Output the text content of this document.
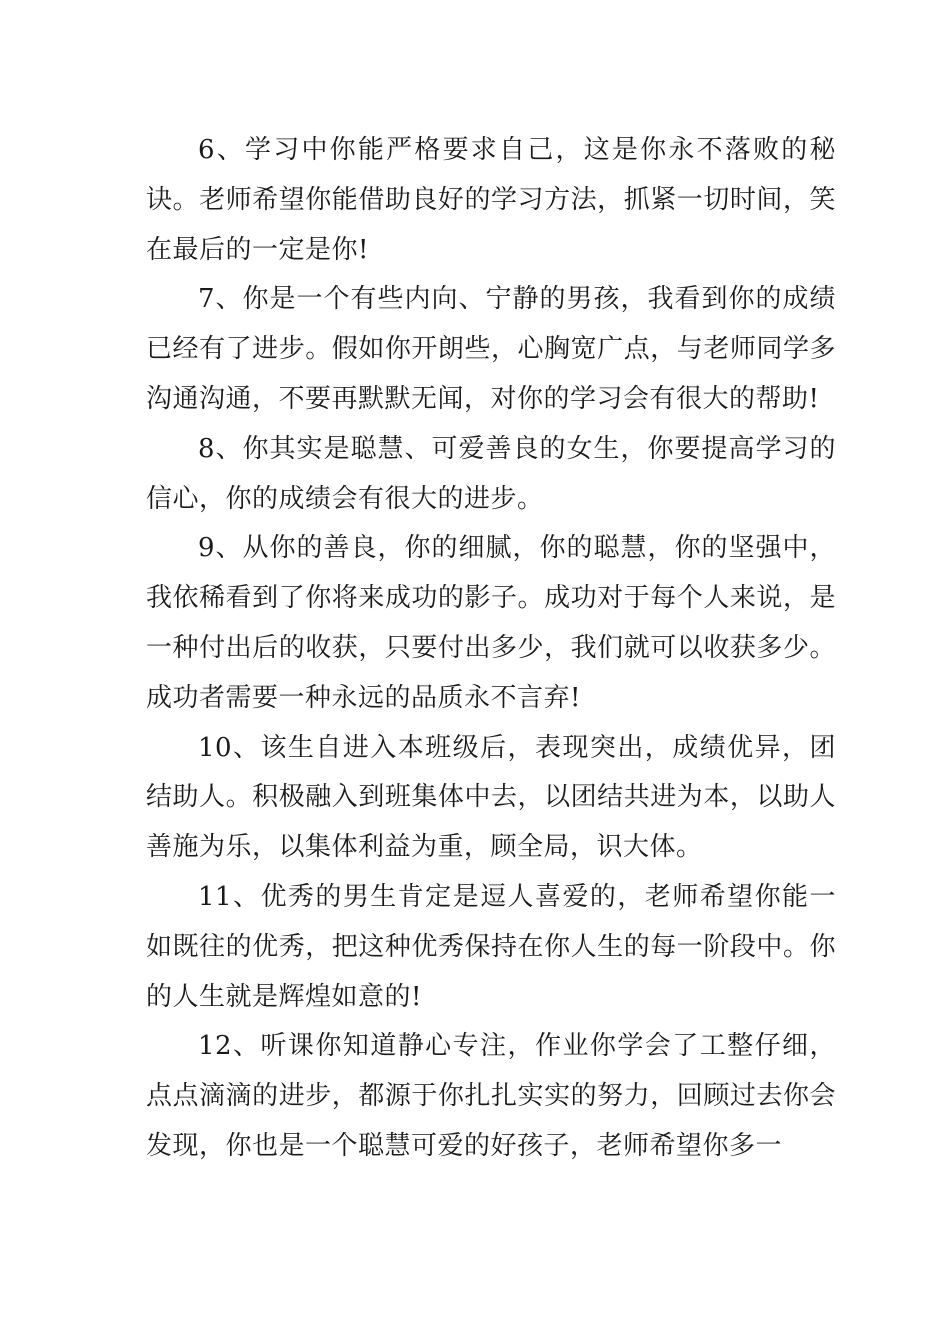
6、学习中你能严格要求自己，这是你永不落败的秘诀。老师希望你能借助良好的学习方法，抓紧一切时间，笑在最后的一定是你!

7、你是一个有些内向、宁静的男孩，我看到你的成绩已经有了进步。假如你开朗些，心胸宽广点，与老师同学多沟通沟通，不要再默默无闻，对你的学习会有很大的帮助!

8、你其实是聪慧、可爱善良的女生，你要提高学习的信心，你的成绩会有很大的进步。

9、从你的善良，你的细腻，你的聪慧，你的坚强中，我依稀看到了你将来成功的影子。成功对于每个人来说，是一种付出后的收获，只要付出多少，我们就可以收获多少。成功者需要一种永远的品质永不言弃!

10、该生自进入本班级后，表现突出，成绩优异，团结助人。积极融入到班集体中去，以团结共进为本，以助人善施为乐，以集体利益为重，顾全局，识大体。

11、优秀的男生肯定是逗人喜爱的，老师希望你能一如既往的优秀，把这种优秀保持在你人生的每一阶段中。你的人生就是辉煌如意的!

12、听课你知道静心专注，作业你学会了工整仔细，点点滴滴的进步，都源于你扎扎实实的努力，回顾过去你会发现，你也是一个聪慧可爱的好孩子，老师希望你多一
